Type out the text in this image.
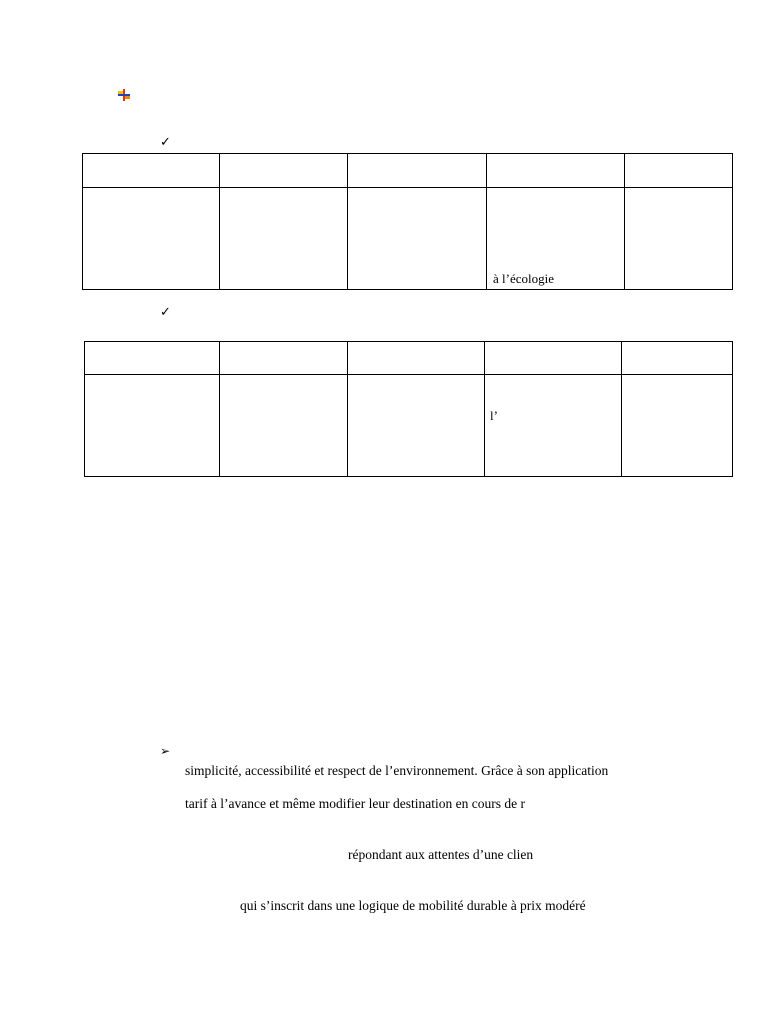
✓

			à l’écologie	

✓

			l’	

➢
simplicité, accessibilité et respect de l’environnement. Grâce à son application
tarif à l’avance et même modifier leur destination en cours de r
répondant aux attentes d’une clien
qui s’inscrit dans une logique de mobilité durable à prix modéré
